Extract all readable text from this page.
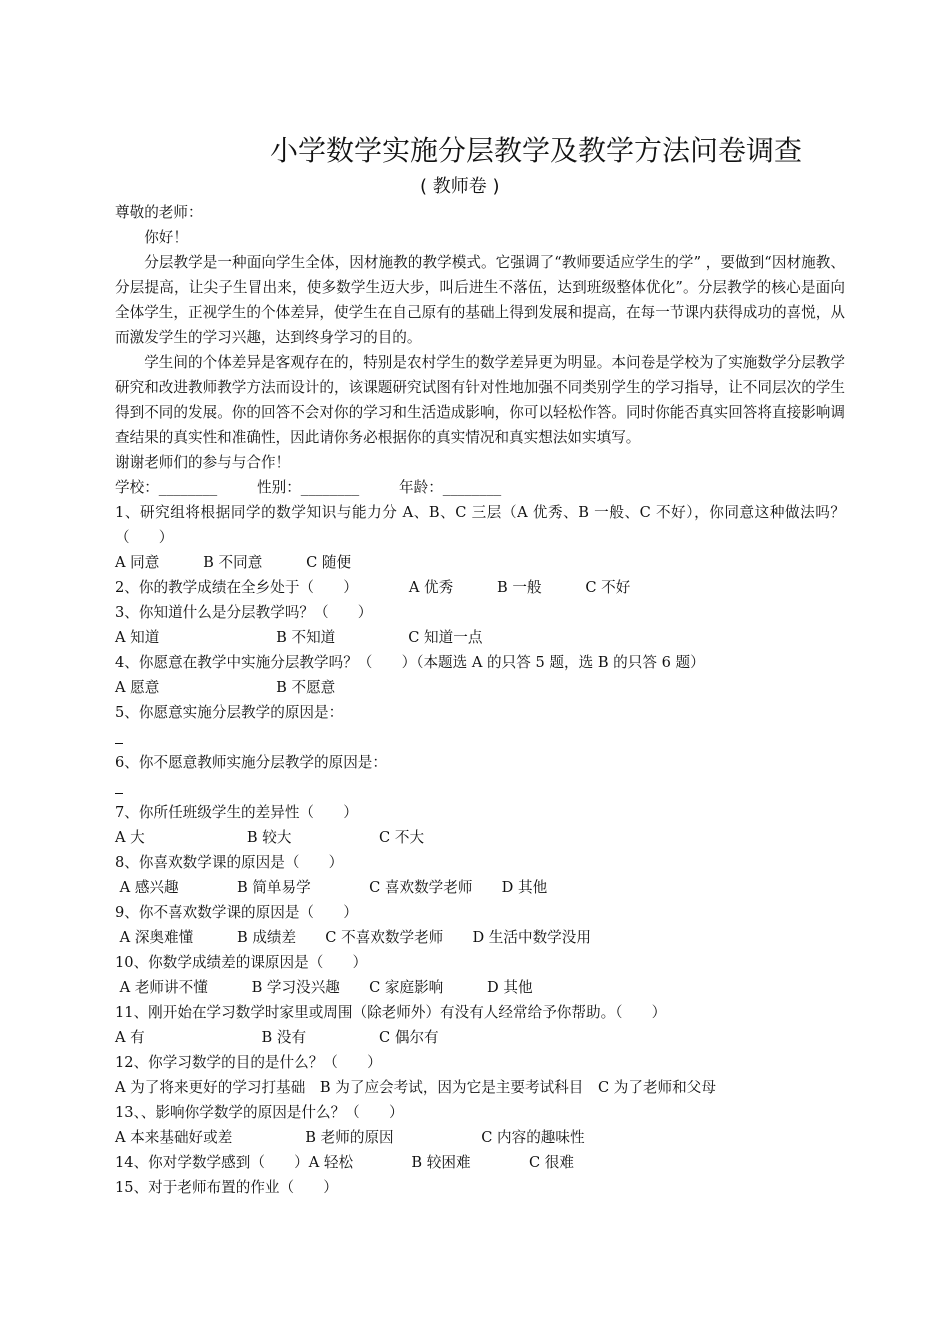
小学数学实施分层教学及教学方法问卷调查
( 教师卷 )
尊敬的老师：
你好！
分层教学是一种面向学生全体，因材施教的教学模式。它强调了“教师要适应学生的学” ，要做到“因材施教、分层提高，让尖子生冒出来，使多数学生迈大步，叫后进生不落伍，达到班级整体优化”。分层教学的核心是面向全体学生，正视学生的个体差异，使学生在自己原有的基础上得到发展和提高，在每一节课内获得成功的喜悦，从而激发学生的学习兴趣，达到终身学习的目的。
学生间的个体差异是客观存在的，特别是农村学生的数学差异更为明显。本问卷是学校为了实施数学分层教学研究和改进教师教学方法而设计的，该课题研究试图有针对性地加强不同类别学生的学习指导，让不同层次的学生得到不同的发展。你的回答不会对你的学习和生活造成影响，你可以轻松作答。同时你能否真实回答将直接影响调查结果的真实性和准确性，因此请你务必根据你的真实情况和真实想法如实填写。
谢谢老师们的参与与合作！
学校：________	性别：________	年龄：________
1、研究组将根据同学的数学知识与能力分 A、B、C 三层（A 优秀、B 一般、C 不好），你同意这种做法吗？（　　）
A 同意　　　B 不同意　　　C 随便
2、你的教学成绩在全乡处于（　　）　　　　A 优秀　　　B 一般　　　C 不好
3、你知道什么是分层教学吗？（　　）
A 知道　　　　　　　　B 不知道　　　　　C 知道一点
4、你愿意在教学中实施分层教学吗？（　　）（本题选 A 的只答 5 题，选 B 的只答 6 题）
A 愿意　　　　　　　　B 不愿意
5、你愿意实施分层教学的原因是：
6、你不愿意教师实施分层教学的原因是：
7、你所任班级学生的差异性（　　）
A 大　　　　　　　B 较大　　　　　　C 不大
8、你喜欢数学课的原因是（　　）
A 感兴趣　　　　B 简单易学　　　　C 喜欢数学老师　　D 其他
9、你不喜欢数学课的原因是（　　）
A 深奥难懂　　　B 成绩差　　C 不喜欢数学老师　　D 生活中数学没用
10、你数学成绩差的课原因是（　　）
A 老师讲不懂　　　B 学习没兴趣　　C 家庭影响　　　D 其他
11、刚开始在学习数学时家里或周围（除老师外）有没有人经常给予你帮助。（　　）
A 有　　　　　　　　B 没有　　　　　C 偶尔有
12、你学习数学的目的是什么？（　　）
A 为了将来更好的学习打基础　B 为了应会考试，因为它是主要考试科目　C 为了老师和父母
13、、影响你学数学的原因是什么？（　　）
A 本来基础好或差　　　　　B 老师的原因　　　　　　C 内容的趣味性
14、你对学数学感到（　　）A 轻松　　　　B 较困难　　　　C 很难
15、对于老师布置的作业（　　）
